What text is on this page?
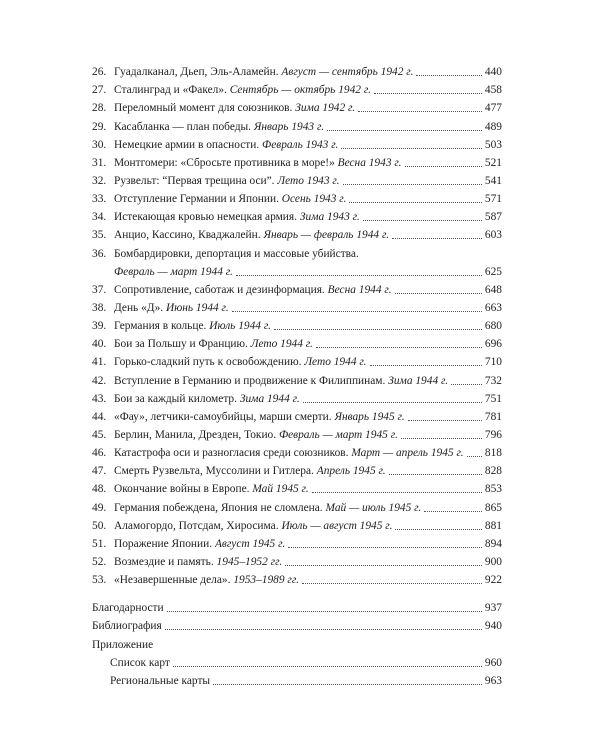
26. Гуадалканал, Дьеп, Эль-Аламейн. Август — сентябрь 1942 г.	440
27. Сталинград и «Факел». Сентябрь — октябрь 1942 г.	458
28. Переломный момент для союзников. Зима 1942 г.	477
29. Касабланка — план победы. Январь 1943 г.	489
30. Немецкие армии в опасности. Февраль 1943 г.	503
31. Монтгомери: «Сбросьте противника в море!» Весна 1943 г.	521
32. Рузвельт: “Первая трещина оси”. Лето 1943 г.	541
33. Отступление Германии и Японии. Осень 1943 г.	571
34. Истекающая кровью немецкая армия. Зима 1943 г.	587
35. Анцио, Кассино, Кваджалейн. Январь — февраль 1944 г.	603
36. Бомбардировки, депортация и массовые убийства.
Февраль — март 1944 г.	625
37. Сопротивление, саботаж и дезинформация. Весна 1944 г.	648
38. День «Д». Июнь 1944 г.	663
39. Германия в кольце. Июль 1944 г.	680
40. Бои за Польшу и Францию. Лето 1944 г.	696
41. Горько-сладкий путь к освобождению. Лето 1944 г.	710
42. Вступление в Германию и продвижение к Филиппинам. Зима 1944 г.	732
43. Бои за каждый километр. Зима 1944 г.	751
44. «Фау», летчики-самоубийцы, марши смерти. Январь 1945 г.	781
45. Берлин, Манила, Дрезден, Токио. Февраль — март 1945 г.	796
46. Катастрофа оси и разногласия среди союзников. Март — апрель 1945 г. 818
47. Смерть Рузвельта, Муссолини и Гитлера. Апрель 1945 г.	828
48. Окончание войны в Европе. Май 1945 г.	853
49. Германия побеждена, Япония не сломлена. Май — июль 1945 г.	865
50. Аламогордо, Потсдам, Хиросима. Июль — август 1945 г.	881
51. Поражение Японии. Август 1945 г.	894
52. Возмездие и память. 1945–1952 гг.	900
53. «Незавершенные дела». 1953–1989 гг.	922
Благодарности	937
Библиография	940
Приложение
Список карт	960
Региональные карты	963
